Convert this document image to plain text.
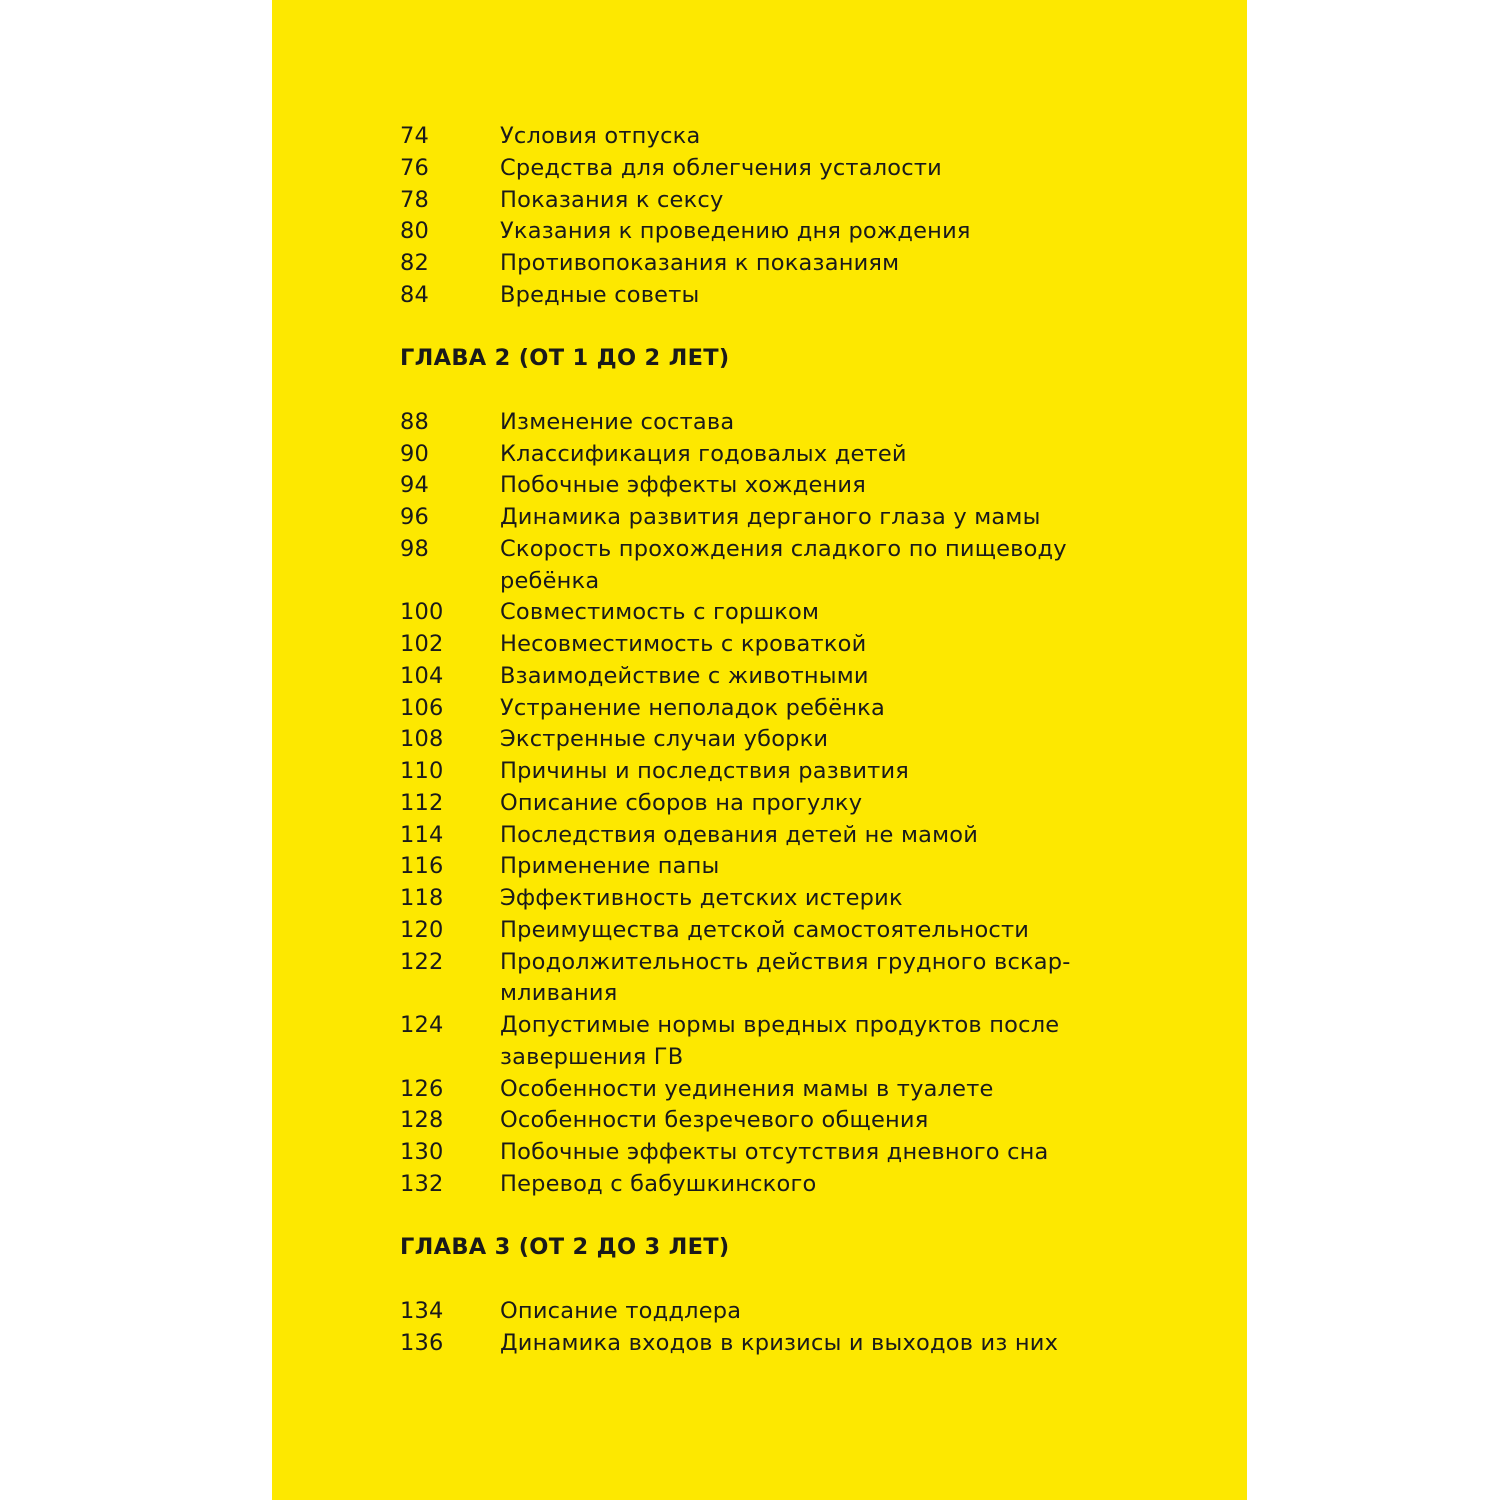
74	Условия отпуска
76	Средства для облегчения усталости
78	Показания к сексу
80	Указания к проведению дня рождения
82	Противопоказания к показаниям
84	Вредные советы
ГЛАВА 2 (ОТ 1 ДО 2 ЛЕТ)
88	Изменение состава
90	Классификация годовалых детей
94	Побочные эффекты хождения
96	Динамика развития дерганого глаза у мамы
98	Скорость прохождения сладкого по пищеводу
ребёнка
100	Совместимость с горшком
102	Несовместимость с кроваткой
104	Взаимодействие с животными
106	Устранение неполадок ребёнка
108	Экстренные случаи уборки
110	Причины и последствия развития
112	Описание сборов на прогулку
114	Последствия одевания детей не мамой
116	Применение папы
118	Эффективность детских истерик
120	Преимущества детской самостоятельности
122	Продолжительность действия грудного вскар-
мливания
124	Допустимые нормы вредных продуктов после
завершения ГВ
126	Особенности уединения мамы в туалете
128	Особенности безречевого общения
130	Побочные эффекты отсутствия дневного сна
132	Перевод с бабушкинского
ГЛАВА 3 (ОТ 2 ДО 3 ЛЕТ)
134	Описание тоддлера
136	Динамика входов в кризисы и выходов из них
